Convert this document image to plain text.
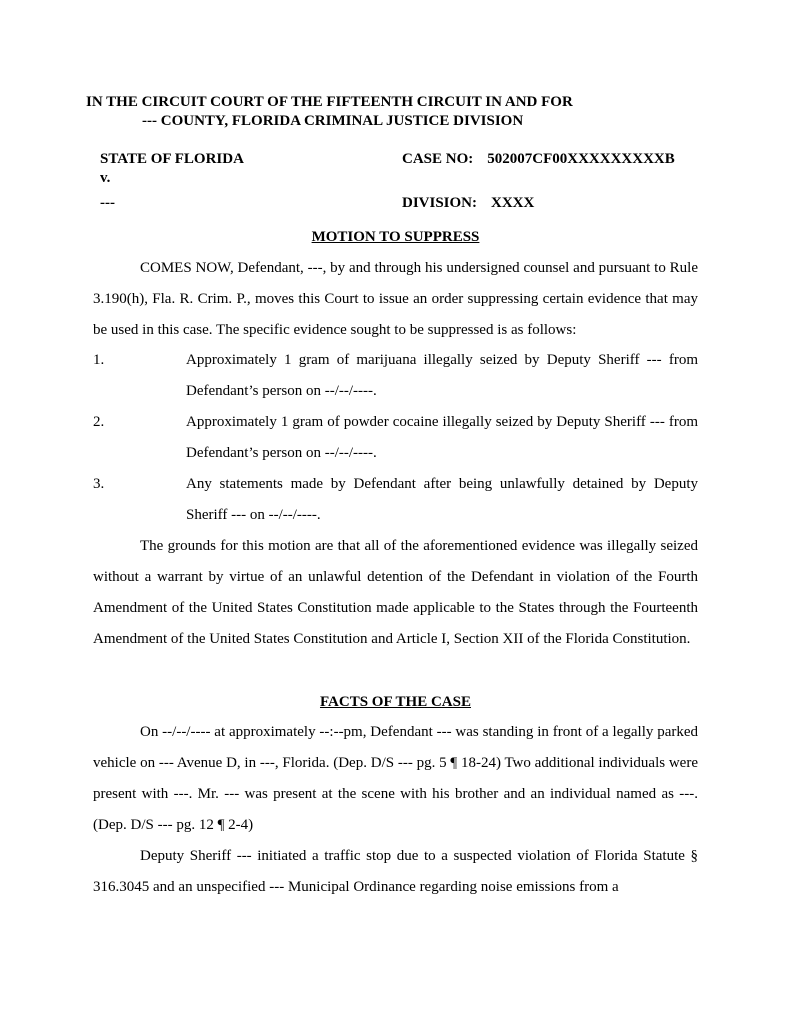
IN THE CIRCUIT COURT OF THE FIFTEENTH CIRCUIT IN AND FOR
--- COUNTY, FLORIDA CRIMINAL JUSTICE DIVISION
STATE OF FLORIDA
v.
---
CASE NO: 502007CF00XXXXXXXXXB
DIVISION: XXXX
MOTION TO SUPPRESS
COMES NOW, Defendant, ---, by and through his undersigned counsel and pursuant to Rule 3.190(h), Fla. R. Crim. P., moves this Court to issue an order suppressing certain evidence that may be used in this case. The specific evidence sought to be suppressed is as follows:
1.	Approximately 1 gram of marijuana illegally seized by Deputy Sheriff --- from Defendant’s person on --/--/----.
2.	Approximately 1 gram of powder cocaine illegally seized by Deputy Sheriff --- from Defendant’s person on --/--/----.
3.	Any statements made by Defendant after being unlawfully detained by Deputy Sheriff --- on --/--/----.
The grounds for this motion are that all of the aforementioned evidence was illegally seized without a warrant by virtue of an unlawful detention of the Defendant in violation of the Fourth Amendment of the United States Constitution made applicable to the States through the Fourteenth Amendment of the United States Constitution and Article I, Section XII of the Florida Constitution.
FACTS OF THE CASE
On --/--/---- at approximately --:--pm, Defendant --- was standing in front of a legally parked vehicle on --- Avenue D, in ---, Florida. (Dep. D/S --- pg. 5 ¶ 18-24) Two additional individuals were present with ---. Mr. --- was present at the scene with his brother and an individual named as ---. (Dep. D/S --- pg. 12 ¶ 2-4)
Deputy Sheriff --- initiated a traffic stop due to a suspected violation of Florida Statute § 316.3045 and an unspecified --- Municipal Ordinance regarding noise emissions from a
